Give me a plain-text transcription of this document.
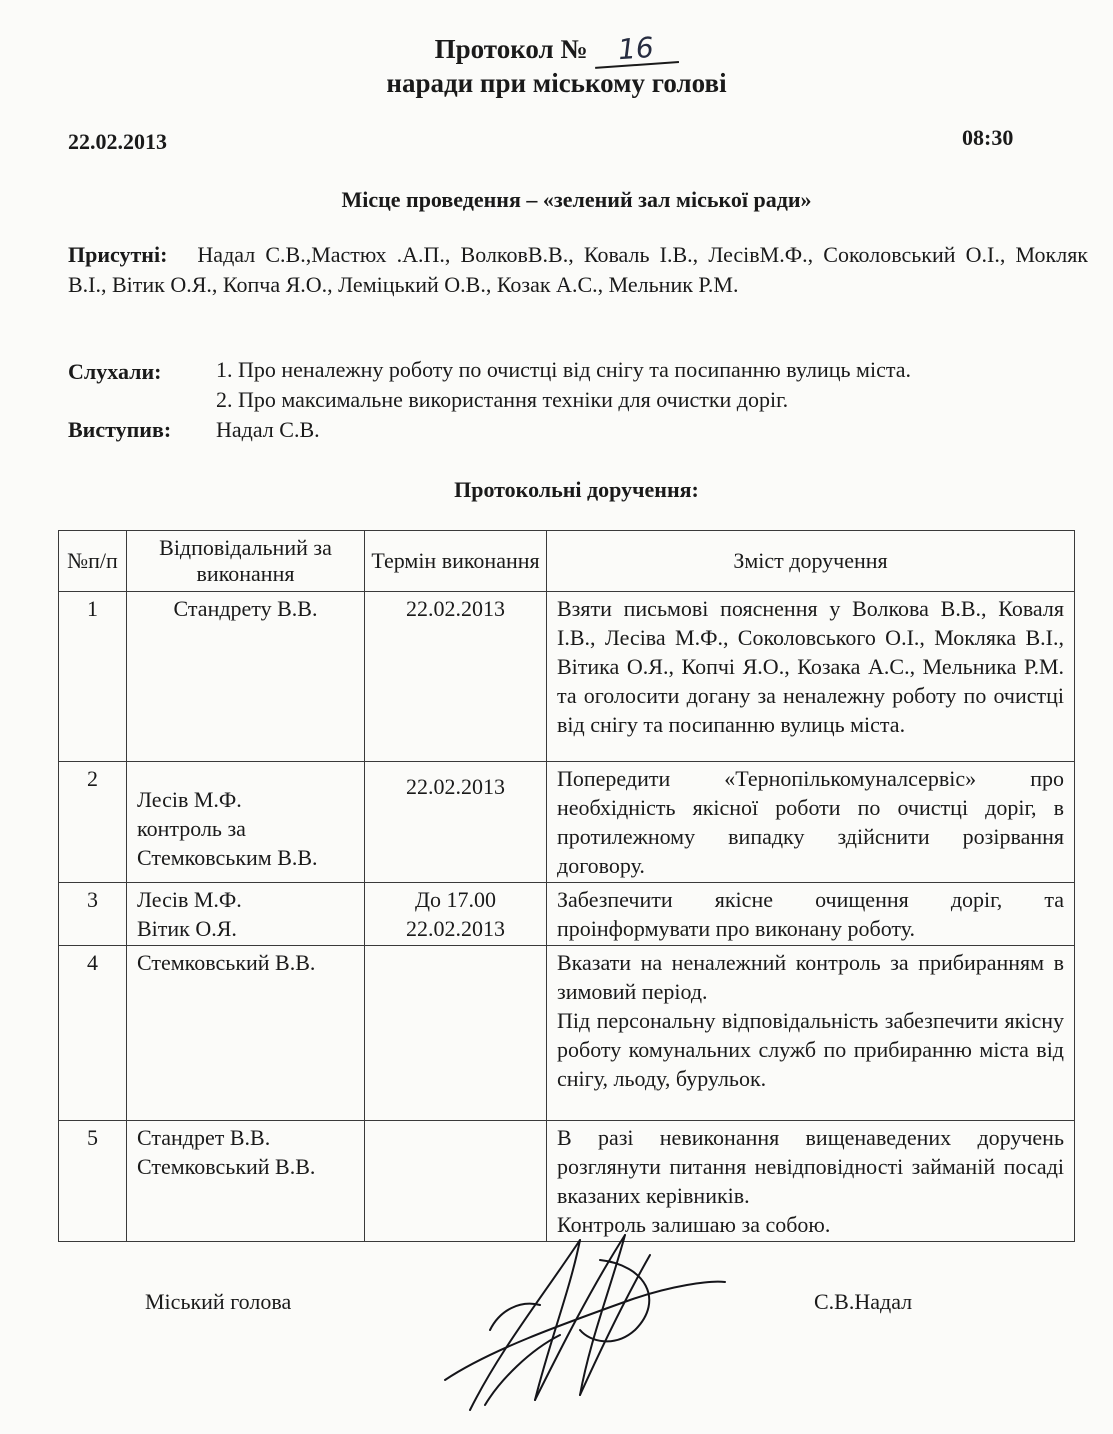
Протокол № 16
наради при міському голові
22.02.2013	08:30
Місце проведення – «зелений зал міської ради»
Присутні: Надал С.В.,Мастюх .А.П., ВолковВ.В., Коваль І.В., ЛесівМ.Ф., Соколовський О.І., Мокляк В.І., Вітик О.Я., Копча Я.О., Леміцький О.В., Козак А.С., Мельник Р.М.
Слухали: 1. Про неналежну роботу по очистці від снігу та посипанню вулиць міста.
2. Про максимальне використання техніки для очистки доріг.
Виступив: Надал С.В.
Протокольні доручення:
№п/п	Відповідальний за виконання	Термін виконання	Зміст доручення
1	Стандрету В.В.	22.02.2013	Взяти письмові пояснення у Волкова В.В., Коваля І.В., Лесіва М.Ф., Соколовського О.І., Мокляка В.І., Вітика О.Я., Копчі Я.О., Козака А.С., Мельника Р.М. та оголосити догану за неналежну роботу по очистці від снігу та посипанню вулиць міста.

2	Лесів М.Ф.
контроль за
Стемковським В.В.	22.02.2013	Попередити «Тернопількомуналсервіс» про необхідність якісної роботи по очистці доріг, в протилежному випадку здійснити розірвання договору.

3	Лесів М.Ф.
Вітик О.Я.	До 17.00
22.02.2013	Забезпечити якісне очищення доріг, та проінформувати про виконану роботу.

4	Стемковський В.В.		Вказати на неналежний контроль за прибиранням в зимовий період.
Під персональну відповідальність забезпечити якісну роботу комунальних служб по прибиранню міста від снігу, льоду, бурульок.

5	Стандрет В.В.
Стемковський В.В.		В разі невиконання вищенаведених доручень розглянути питання невідповідності займаній посаді вказаних керівників.
Контроль залишаю за собою.
Міський голова	С.В.Надал
